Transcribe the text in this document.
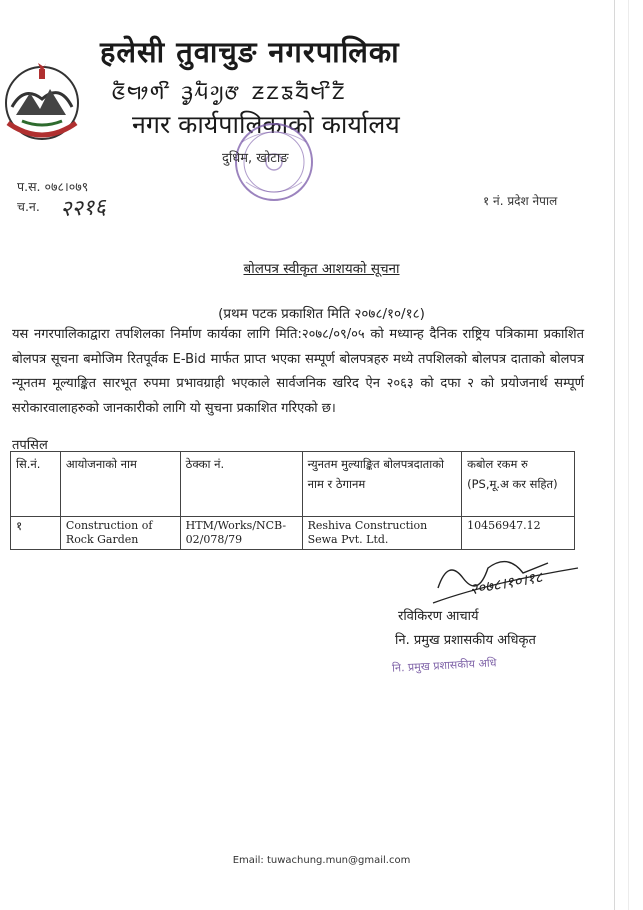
हलेसी तुवाचुङ नगरपालिका
ᤜᤠᤗᤣᤛᤡ ᤋᤢᤘᤠᤆᤢᤅ ᤏᤁᤞᤔᤠᤗᤡᤁᤠ
नगर कार्यपालिकाको कार्यालय
दुधिम, खोटाङ
प.स. ०७८।०७९
च.न. २२१६	१ नं. प्रदेश नेपाल
बोलपत्र स्वीकृत आशयको सूचना
(प्रथम पटक प्रकाशित मिति २०७८/१०/१८)
यस नगरपालिकाद्वारा तपशिलका निर्माण कार्यका लागि मिति:२०७८/०९/०५ को मध्यान्ह दैनिक राष्ट्रिय पत्रिकामा प्रकाशित बोलपत्र सूचना बमोजिम रितपूर्वक E-Bid मार्फत प्राप्त भएका सम्पूर्ण बोलपत्रहरु मध्ये तपशिलको बोलपत्र दाताको बोलपत्र न्यूनतम मूल्याङ्कित सारभूत रुपमा प्रभावग्राही भएकाले सार्वजनिक खरिद ऐन २०६३ को दफा २ को प्रयोजनार्थ सम्पूर्ण सरोकारवालाहरुको जानकारीको लागि यो सुचना प्रकाशित गरिएको छ।
तपसिल
सि.नं.	आयोजनाको नाम	ठेक्का नं.	न्युनतम मुल्याङ्कित बोलपत्रदाताको नाम र ठेगानम	कबोल रकम रु (PS,मू.अ कर सहित)
१	Construction of Rock Garden	HTM/Works/NCB-02/078/79	Reshiva Construction Sewa Pvt. Ltd.	10456947.12
२०७८।१०।१८
रविकिरण आचार्य
नि. प्रमुख प्रशासकीय अधिकृत
नि. प्रमुख प्रशासकीय अधि
Email: tuwachung.mun@gmail.com
